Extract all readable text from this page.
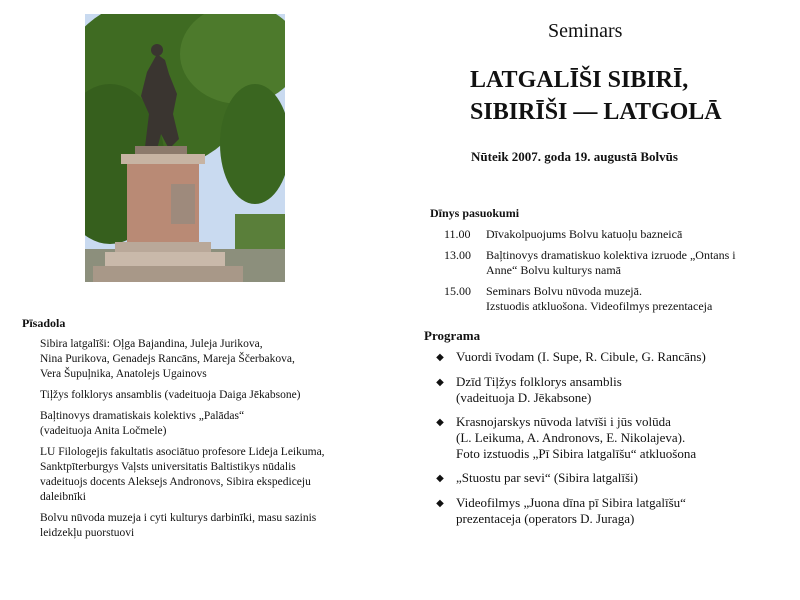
Pīsadola
Sibira latgalīši: Oļga Bajandina, Juleja Jurikova,
Nina Purikova, Genadejs Rancāns, Mareja Ščerbakova,
Vera Šupuļnika, Anatolejs Ugainovs
Tiļžys folklorys ansamblis (vadeituoja Daiga Jēkabsone)
Baļtinovys dramatiskais kolektivs „Palādas“
(vadeituoja Anita Ločmele)
LU Filologejis fakultatis asociātuo profesore Lideja Leikuma,
Sanktpīterburgys Vaļsts universitatis Baltistikys nūdalis
vadeituojs docents Aleksejs Andronovs, Sibira ekspediceju
daleibnīki
Bolvu nūvoda muzeja i cyti kulturys darbinīki, masu sazinis
leidzekļu puorstuovi
Seminars
LATGALĪŠI SIBIRĪ,
SIBIRĪŠI — LATGOLĀ
Nūteik 2007. goda 19. augustā Bolvūs
Dīnys pasuokumi
11.00	Dīvakolpuojums Bolvu katuoļu bazneicā
13.00	Baļtinovys dramatiskuo kolektiva izruode „Ontans i
Anne“ Bolvu kulturys namā
15.00	Seminars Bolvu nūvoda muzejā.
Izstuodis atkluošona. Videofilmys prezentaceja
Programa
◆ Vuordi īvodam (I. Supe, R. Cibule, G. Rancāns)
◆ Dzīd Tiļžys folklorys ansamblis
(vadeituoja D. Jēkabsone)
◆ Krasnojarskys nūvoda latvīši i jūs volūda
(L. Leikuma, A. Andronovs, E. Nikolajeva).
Foto izstuodis „Pī Sibira latgalīšu“ atkluošona
◆ „Stuostu par sevi“ (Sibira latgalīši)
◆ Videofilmys „Juona dīna pī Sibira latgalīšu“
prezentaceja (operators D. Juraga)
